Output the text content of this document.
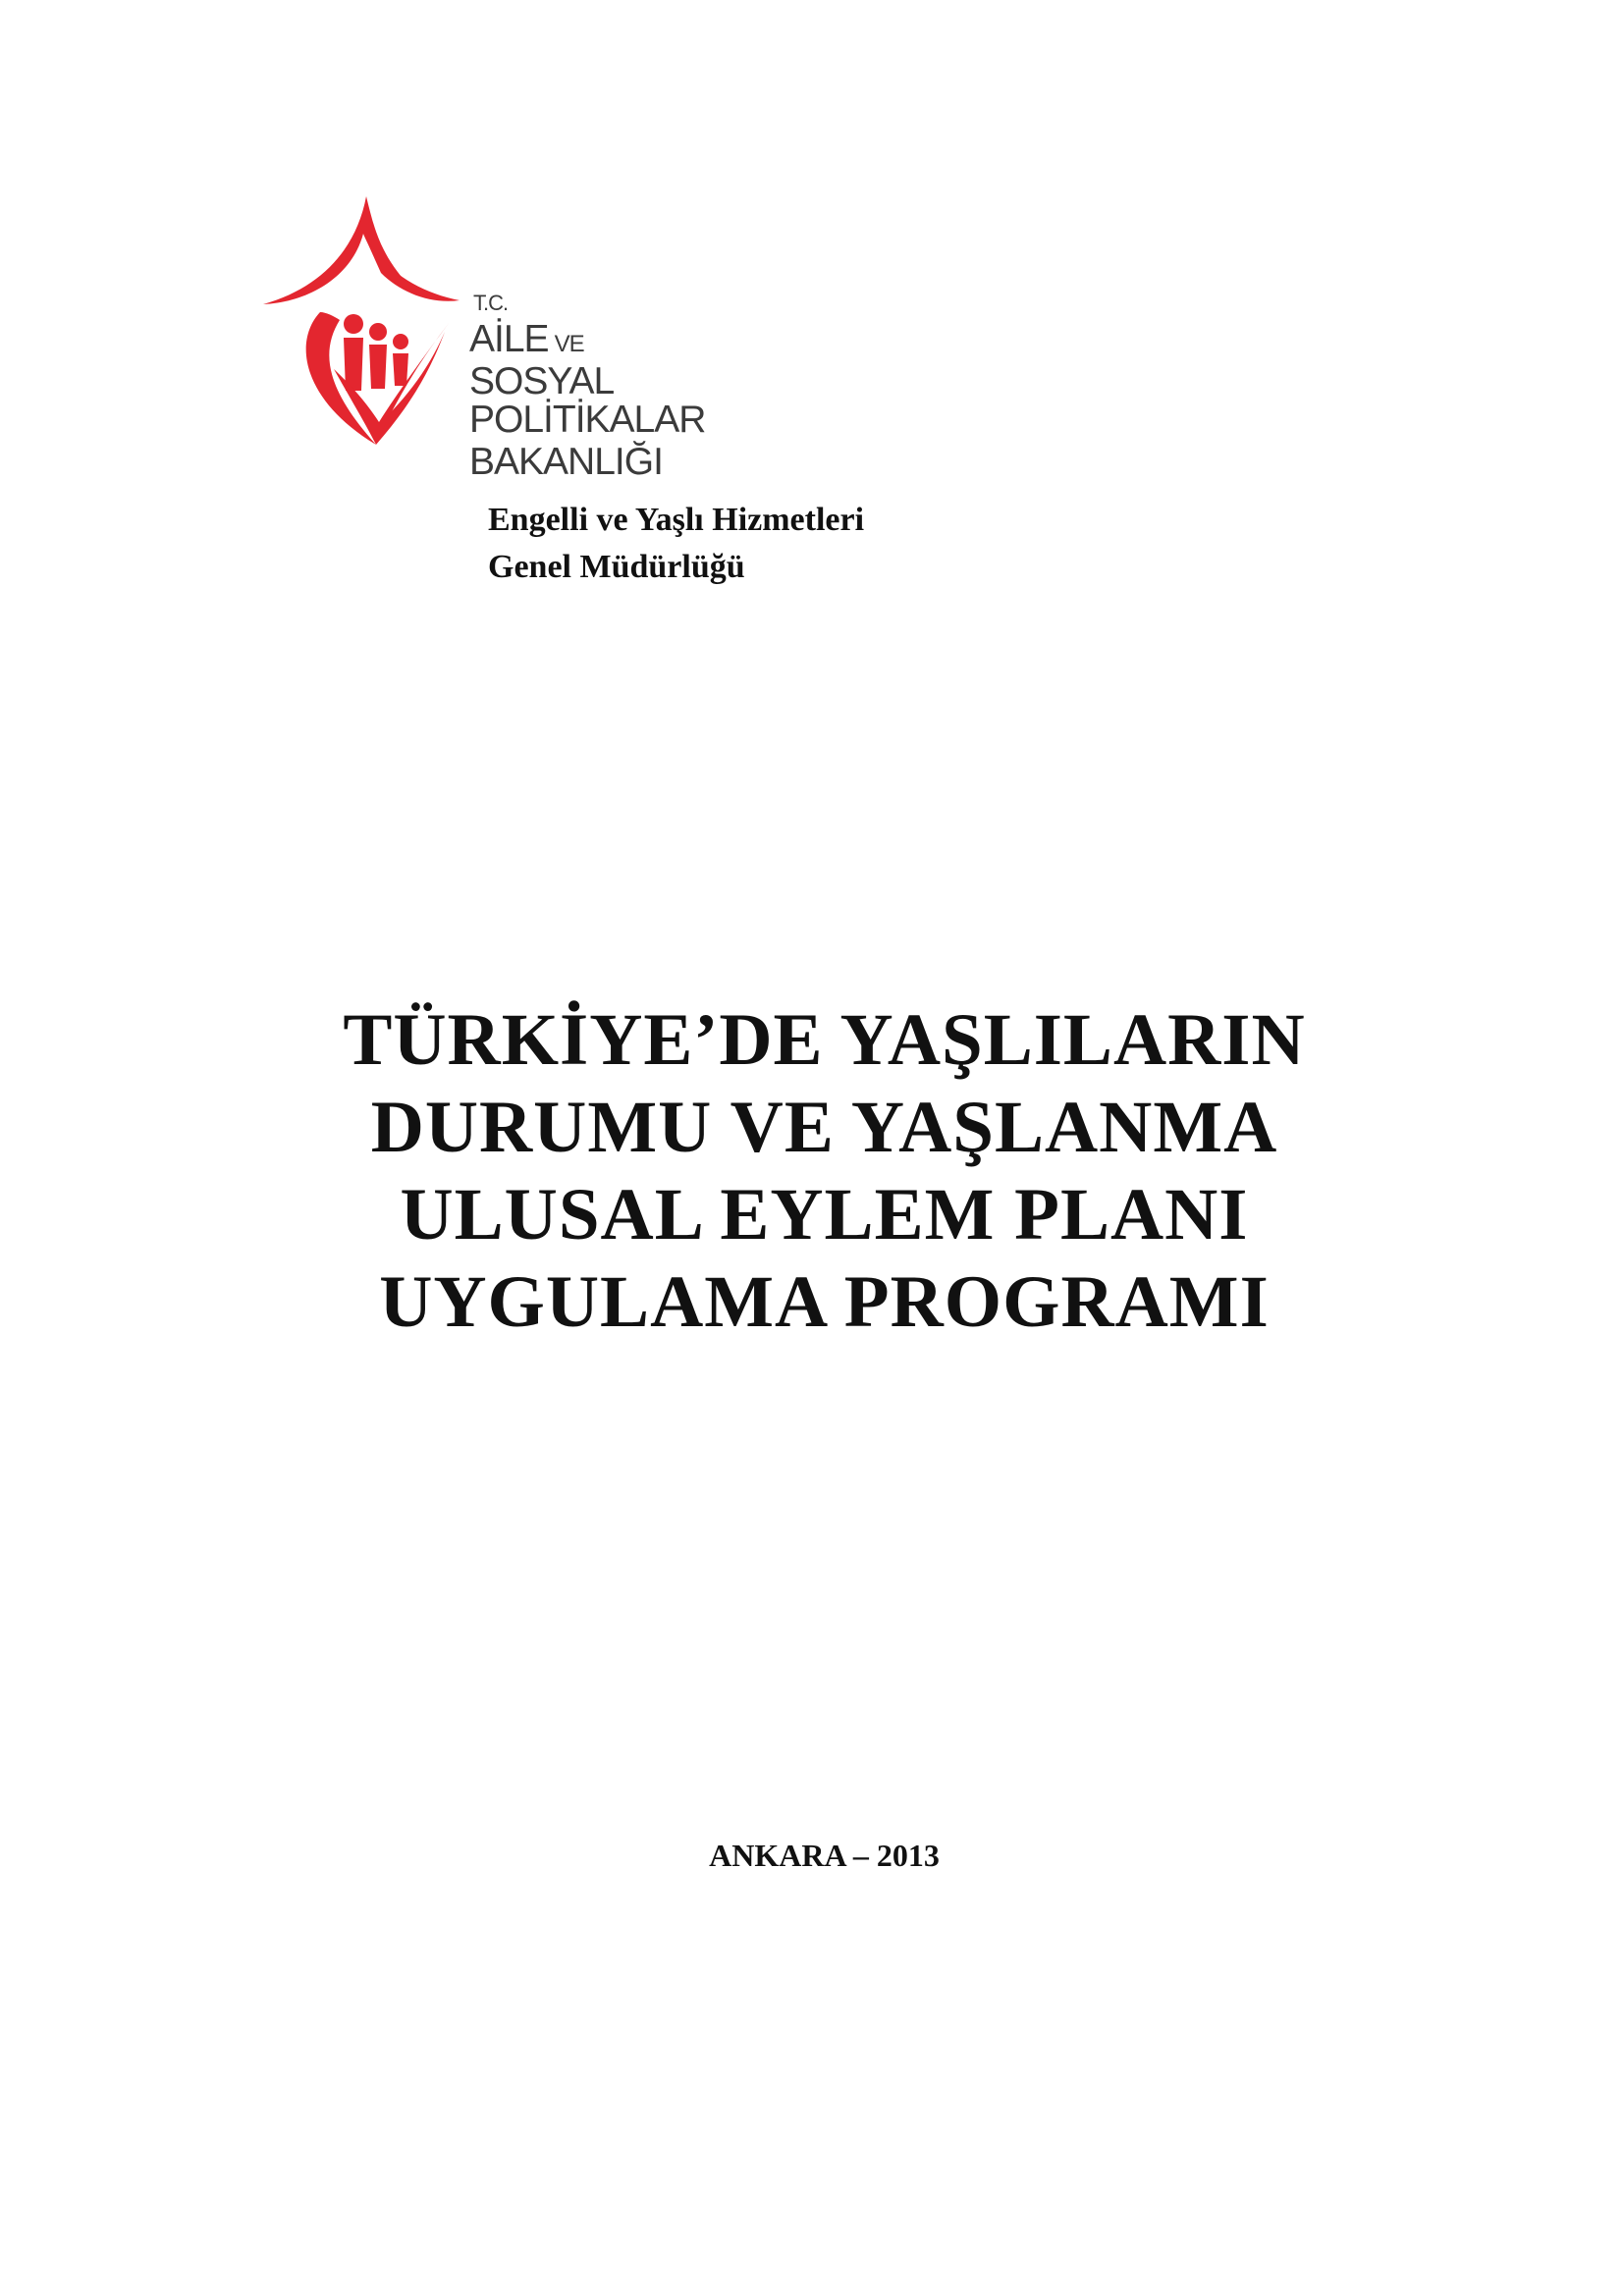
T.C.
AİLE VE
SOSYAL POLİTİKALAR
BAKANLIĞI
Engelli ve Yaşlı Hizmetleri
Genel Müdürlüğü
TÜRKİYE’DE YAŞLILARIN
DURUMU VE YAŞLANMA
ULUSAL EYLEM PLANI
UYGULAMA PROGRAMI
ANKARA – 2013
